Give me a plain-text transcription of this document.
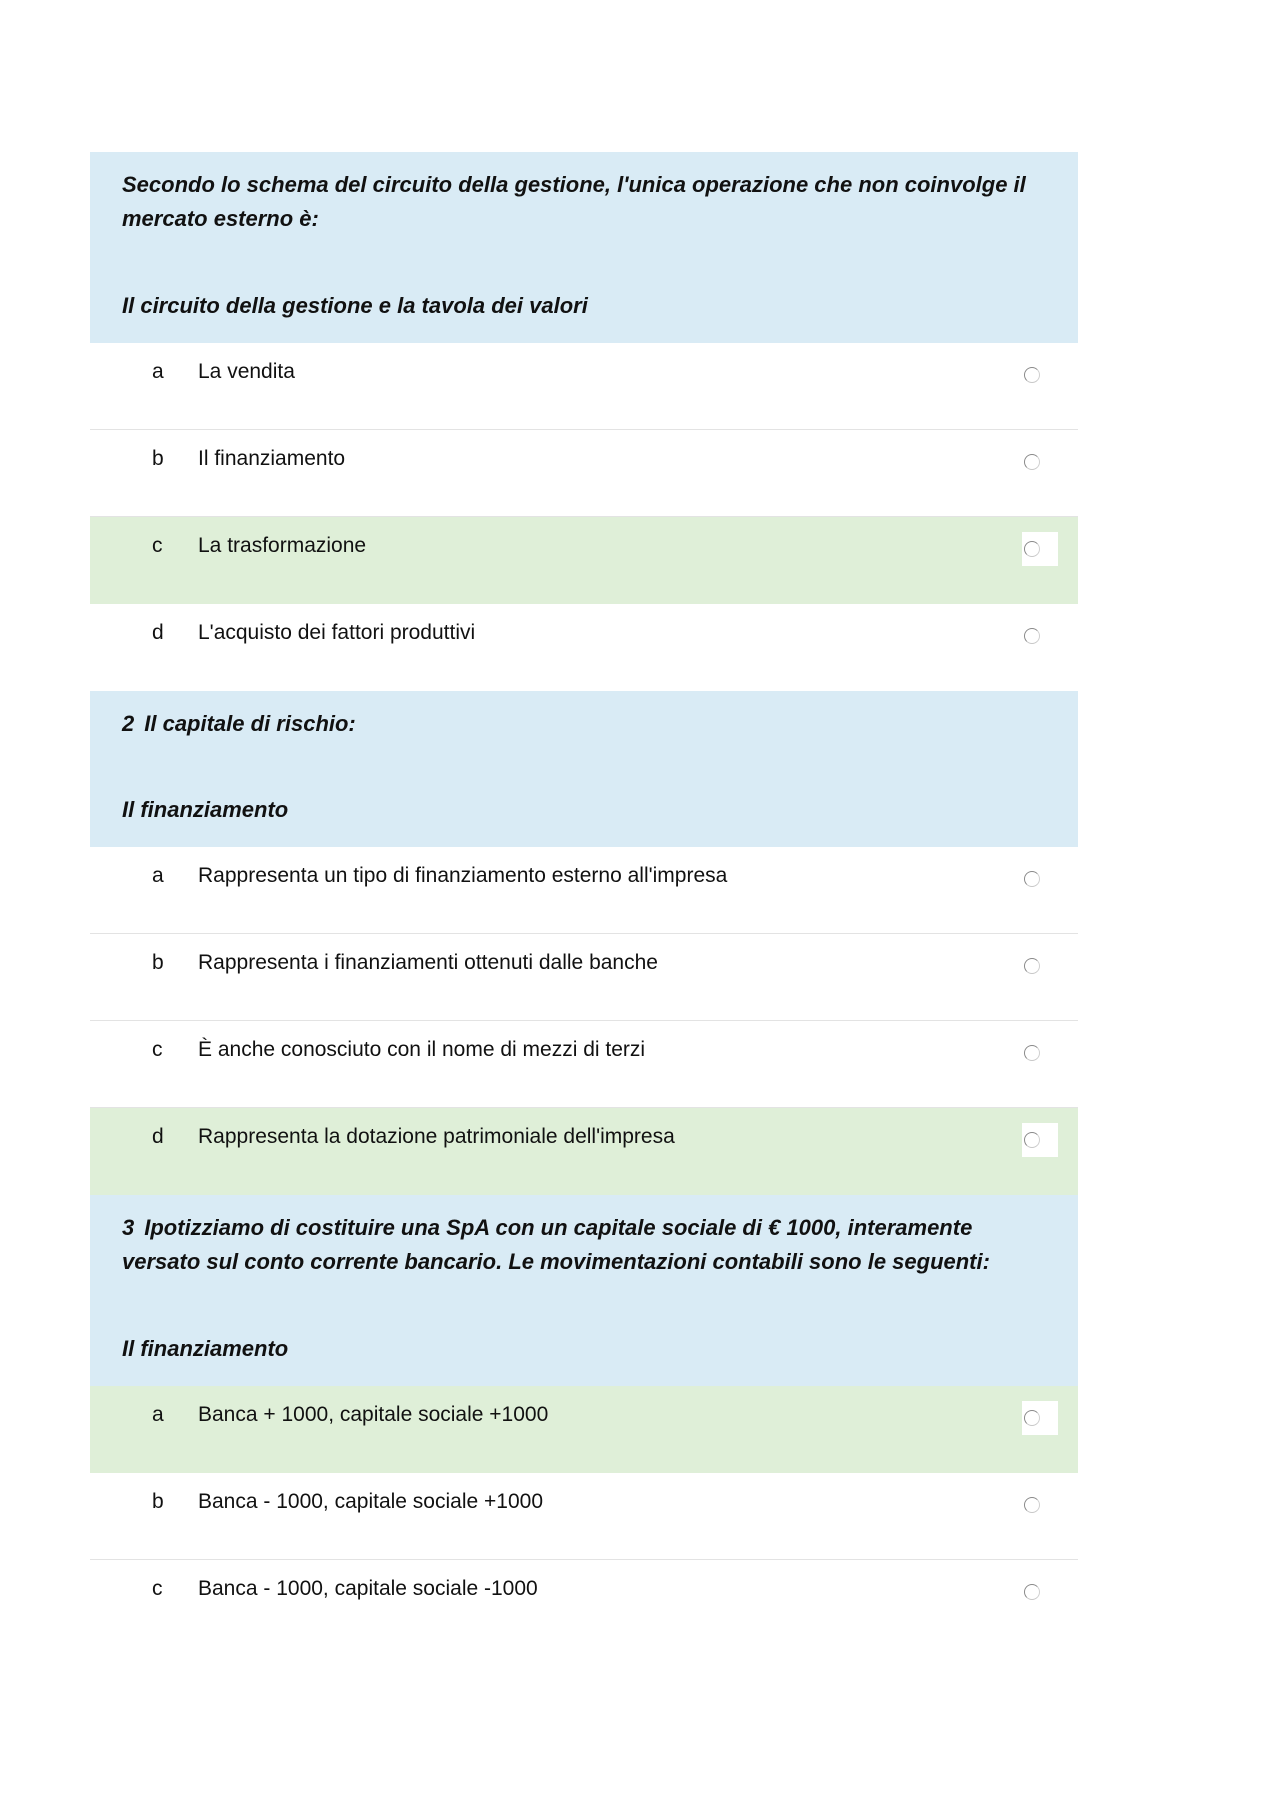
Secondo lo schema del circuito della gestione, l'unica operazione che non coinvolge il mercato esterno è:

Il circuito della gestione e la tavola dei valori

a La vendita
b Il finanziamento
c La trasformazione
d L'acquisto dei fattori produttivi

2 Il capitale di rischio:

Il finanziamento

a Rappresenta un tipo di finanziamento esterno all'impresa
b Rappresenta i finanziamenti ottenuti dalle banche
c È anche conosciuto con il nome di mezzi di terzi
d Rappresenta la dotazione patrimoniale dell'impresa

3 Ipotizziamo di costituire una SpA con un capitale sociale di € 1000, interamente versato sul conto corrente bancario. Le movimentazioni contabili sono le seguenti:

Il finanziamento

a Banca + 1000, capitale sociale +1000
b Banca - 1000, capitale sociale +1000
c Banca - 1000, capitale sociale -1000
